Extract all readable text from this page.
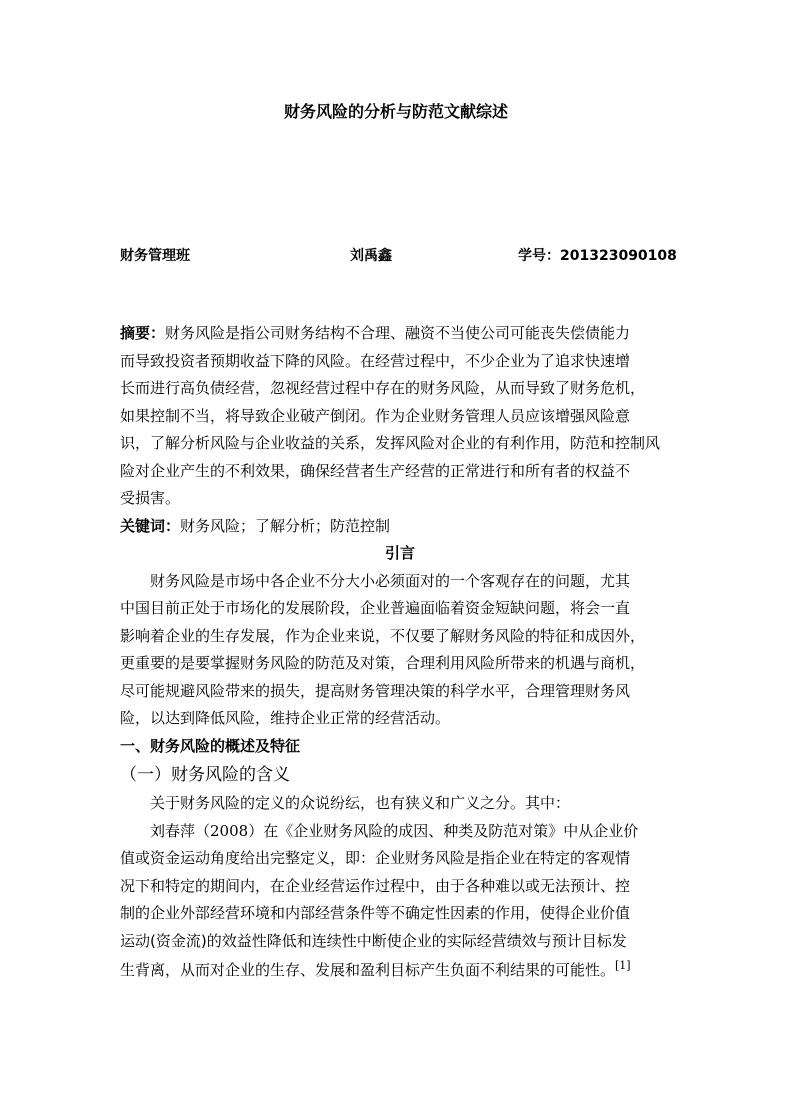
财务风险的分析与防范文献综述
财务管理班	刘禹鑫	学号：201323090108
摘要：财务风险是指公司财务结构不合理、融资不当使公司可能丧失偿债能力
而导致投资者预期收益下降的风险。在经营过程中，不少企业为了追求快速增
长而进行高负债经营，忽视经营过程中存在的财务风险，从而导致了财务危机，
如果控制不当，将导致企业破产倒闭。作为企业财务管理人员应该增强风险意
识，了解分析风险与企业收益的关系，发挥风险对企业的有利作用，防范和控制风
险对企业产生的不利效果，确保经营者生产经营的正常进行和所有者的权益不
受损害。
关键词：财务风险；了解分析；防范控制
引言
财务风险是市场中各企业不分大小必须面对的一个客观存在的问题，尤其
中国目前正处于市场化的发展阶段，企业普遍面临着资金短缺问题，将会一直
影响着企业的生存发展，作为企业来说，不仅要了解财务风险的特征和成因外，
更重要的是要掌握财务风险的防范及对策，合理利用风险所带来的机遇与商机，
尽可能规避风险带来的损失，提高财务管理决策的科学水平，合理管理财务风
险，以达到降低风险，维持企业正常的经营活动。
一、财务风险的概述及特征
（一）财务风险的含义
关于财务风险的定义的众说纷纭，也有狭义和广义之分。其中：
刘春萍（2008）在《企业财务风险的成因、种类及防范对策》中从企业价
值或资金运动角度给出完整定义，即：企业财务风险是指企业在特定的客观情
况下和特定的期间内，在企业经营运作过程中，由于各种难以或无法预计、控
制的企业外部经营环境和内部经营条件等不确定性因素的作用，使得企业价值
运动(资金流)的效益性降低和连续性中断使企业的实际经营绩效与预计目标发
生背离，从而对企业的生存、发展和盈利目标产生负面不利结果的可能性。[1]
